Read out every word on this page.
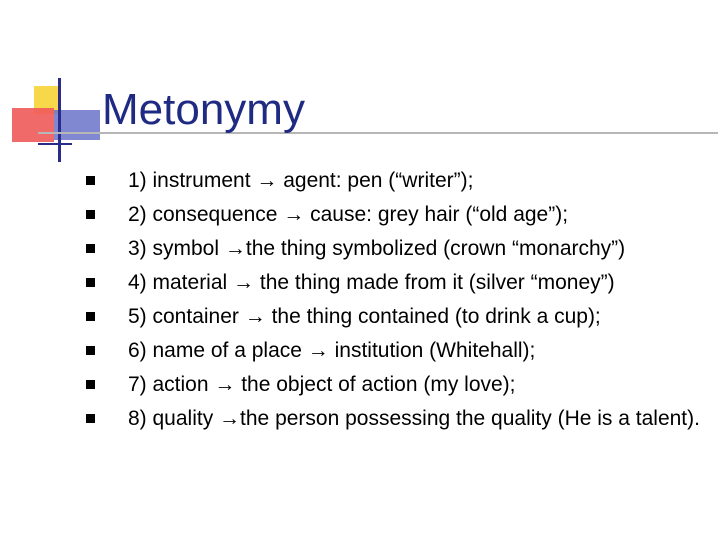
Metonymy
1) instrument → agent: pen (“writer”);
2) consequence → cause: grey hair (“old age”);
3) symbol →the thing symbolized (crown “monarchy”)
4) material → the thing made from it (silver “money”)
5) container → the thing contained (to drink a cup);
6) name of a place → institution (Whitehall);
7) action → the object of action (my love);
8) quality →the person possessing the quality (He is a talent).
